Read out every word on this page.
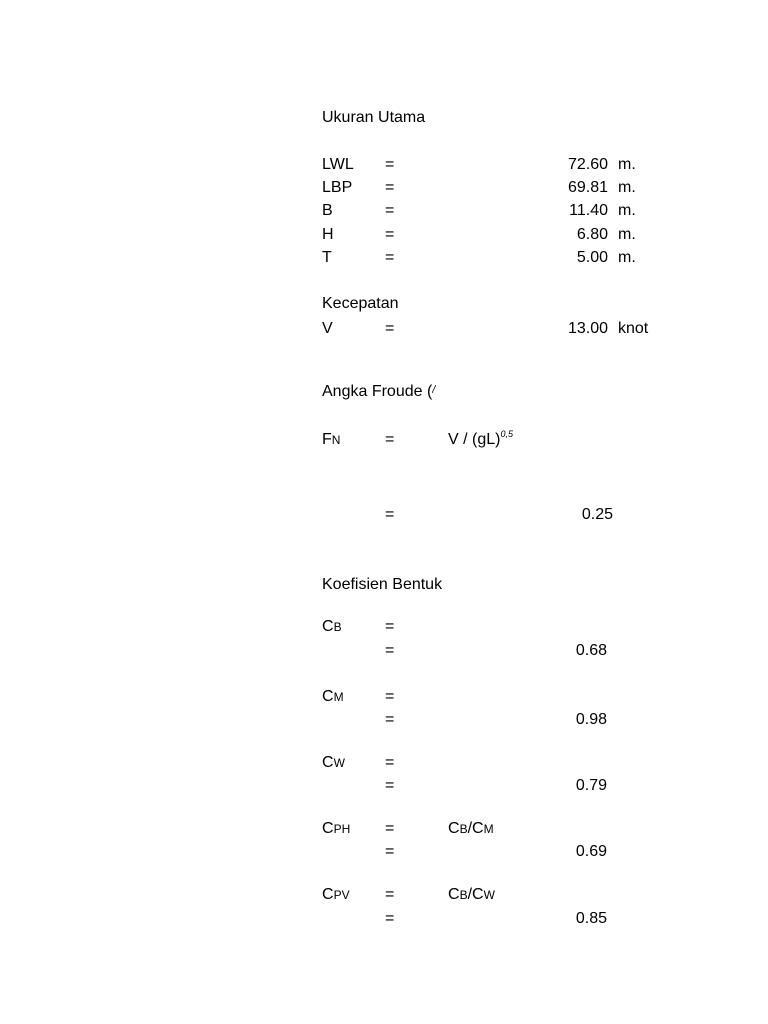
Ukuran Utama
LWL =	72.60 m.
LBP =	69.81 m.
B	=	11.40 m.
H	=	6.80 m.
T	=	5.00 m.
Kecepatan
V	=	13.00 knot
Angka Froude (/
FN	=	V / (gL)$^{0,5}$
=	0.25
Koefisien Bentuk
CB	=
=	0.68
CM	=
=	0.98
CW	=
=	0.79
CPH =	CB/CM
=	0.69
CPV =	CB/CW
=	0.85
